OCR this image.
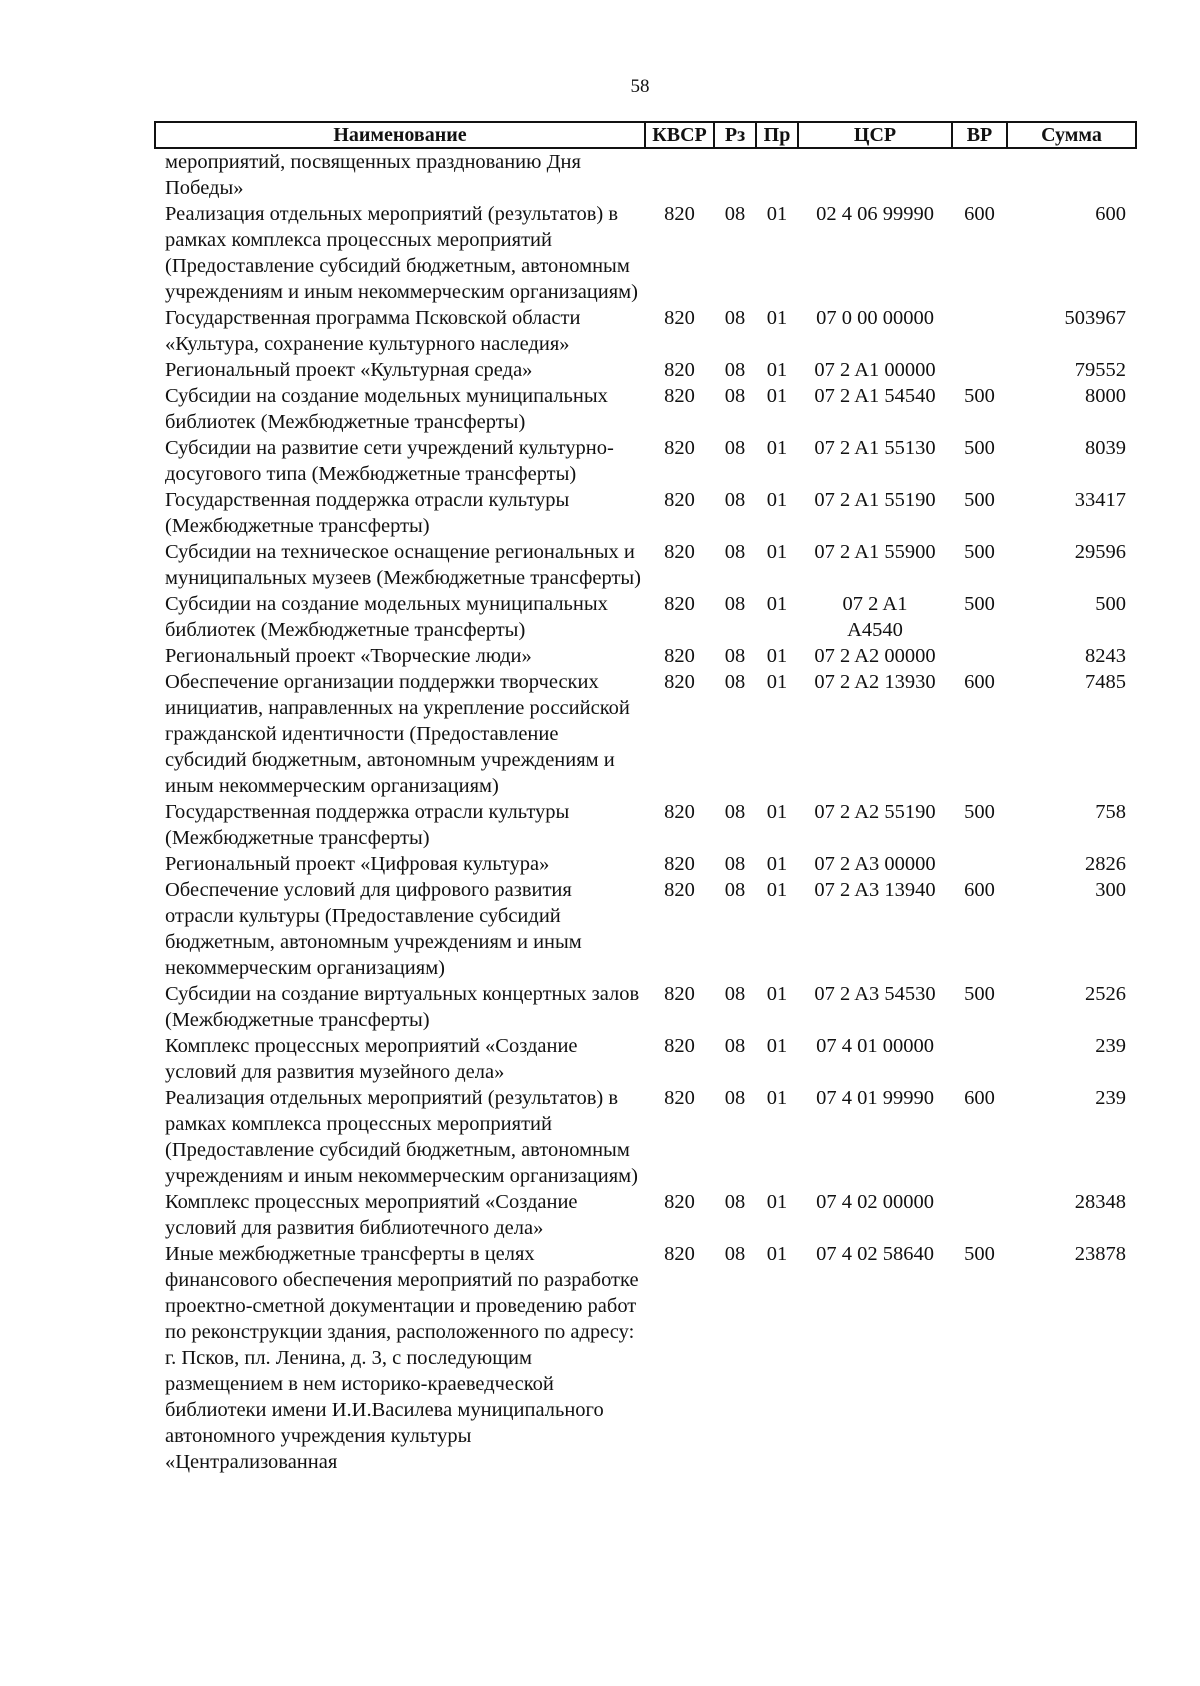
58
Наименование	КВСР	Рз	Пр	ЦСР	ВР	Сумма
мероприятий, посвященных празднованию Дня Победы»						
Реализация отдельных мероприятий (результатов) в рамках комплекса процессных мероприятий (Предоставление субсидий бюджетным, автономным учреждениям и иным некоммерческим организациям)	820	08	01	02 4 06 99990	600	600
Государственная программа Псковской области «Культура, сохранение культурного наследия»	820	08	01	07 0 00 00000		503967
Региональный проект «Культурная среда»	820	08	01	07 2 A1 00000		79552
Субсидии на создание модельных муниципальных библиотек (Межбюджетные трансферты)	820	08	01	07 2 A1 54540	500	8000
Субсидии на развитие сети учреждений культурно-досугового типа (Межбюджетные трансферты)	820	08	01	07 2 A1 55130	500	8039
Государственная поддержка отрасли культуры (Межбюджетные трансферты)	820	08	01	07 2 A1 55190	500	33417
Субсидии на техническое оснащение региональных и муниципальных музеев (Межбюджетные трансферты)	820	08	01	07 2 A1 55900	500	29596
Субсидии на создание модельных муниципальных библиотек (Межбюджетные трансферты)	820	08	01	07 2 A1 A4540	500	500
Региональный проект «Творческие люди»	820	08	01	07 2 A2 00000		8243
Обеспечение организации поддержки творческих инициатив, направленных на укрепление российской гражданской идентичности (Предоставление субсидий бюджетным, автономным учреждениям и иным некоммерческим организациям)	820	08	01	07 2 A2 13930	600	7485
Государственная поддержка отрасли культуры (Межбюджетные трансферты)	820	08	01	07 2 A2 55190	500	758
Региональный проект «Цифровая культура»	820	08	01	07 2 A3 00000		2826
Обеспечение условий для цифрового развития отрасли культуры (Предоставление субсидий бюджетным, автономным учреждениям и иным некоммерческим организациям)	820	08	01	07 2 A3 13940	600	300
Субсидии на создание виртуальных концертных залов (Межбюджетные трансферты)	820	08	01	07 2 A3 54530	500	2526
Комплекс процессных мероприятий «Создание условий для развития музейного дела»	820	08	01	07 4 01 00000		239
Реализация отдельных мероприятий (результатов) в рамках комплекса процессных мероприятий (Предоставление субсидий бюджетным, автономным учреждениям и иным некоммерческим организациям)	820	08	01	07 4 01 99990	600	239
Комплекс процессных мероприятий «Создание условий для развития библиотечного дела»	820	08	01	07 4 02 00000		28348
Иные межбюджетные трансферты в целях финансового обеспечения мероприятий по разработке проектно-сметной документации и проведению работ по реконструкции здания, расположенного по адресу: г. Псков, пл. Ленина, д. 3, с последующим размещением в нем историко-краеведческой библиотеки имени И.И.Василева муниципального автономного учреждения культуры «Централизованная	820	08	01	07 4 02 58640	500	23878
